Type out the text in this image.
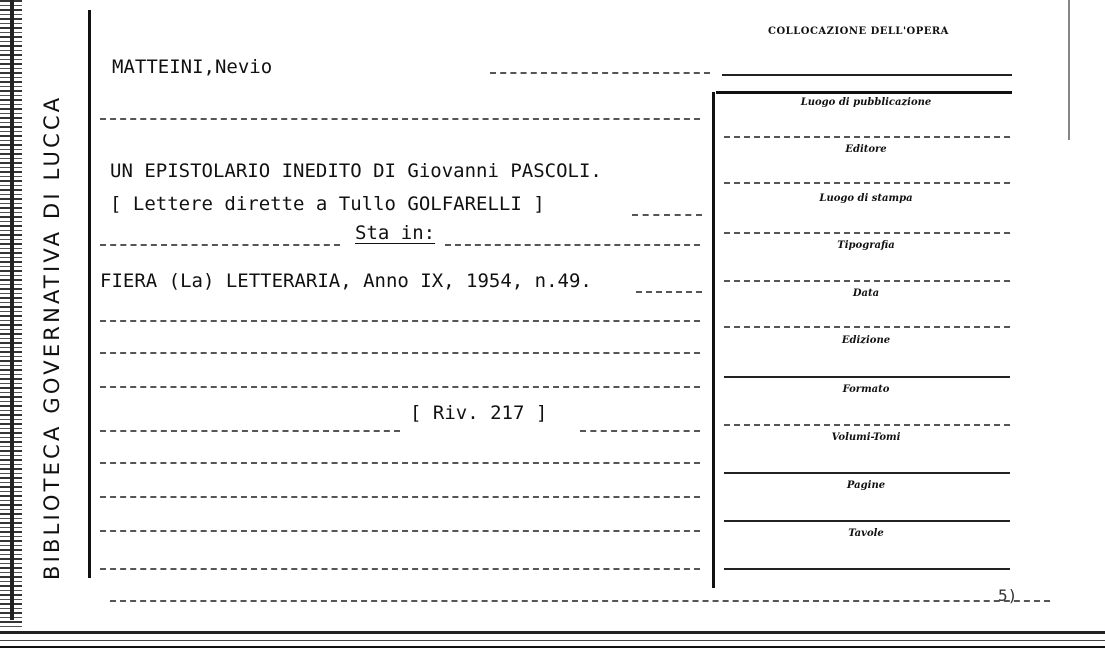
BIBLIOTECA GOVERNATIVA DI LUCCA
MATTEINI,Nevio
UN EPISTOLARIO INEDITO DI Giovanni PASCOLI.
[ Lettere dirette a Tullo GOLFARELLI ]
Sta in:
FIERA (La) LETTERARIA, Anno IX, 1954, n.49.
[ Riv. 217 ]
COLLOCAZIONE DELL'OPERA
Luogo di pubblicazione
Editore
Luogo di stampa
Tipografia
Data
Edizione
Formato
Volumi-Tomi
Pagine
Tavole
5)
